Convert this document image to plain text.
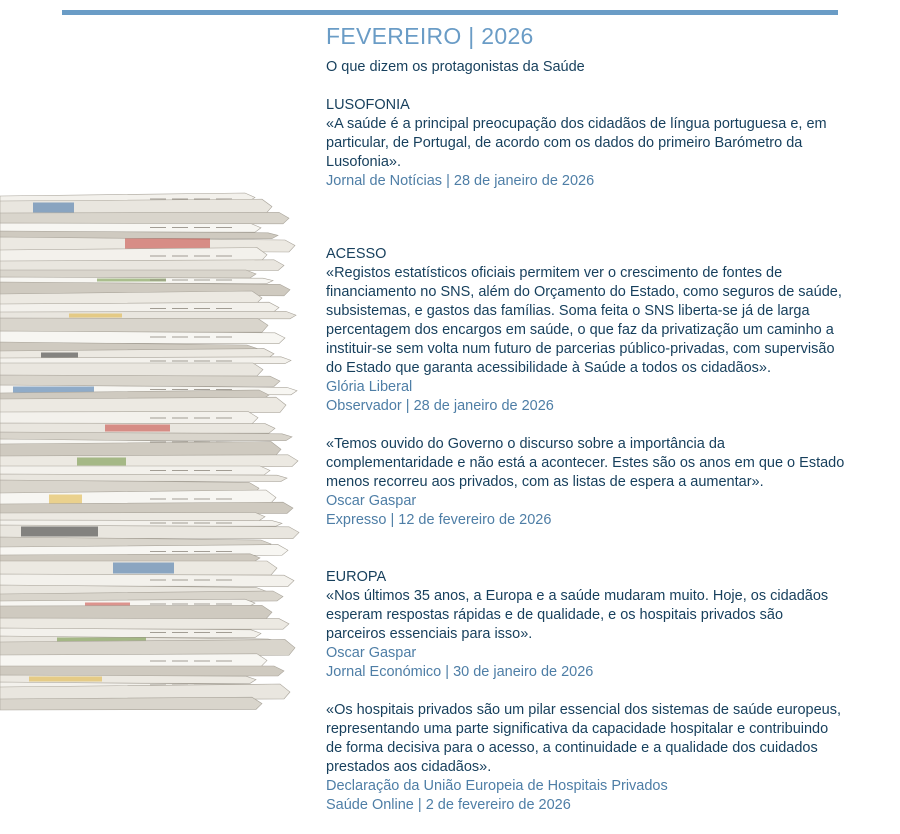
FEVEREIRO | 2026

O que dizem os protagonistas da Saúde

LUSOFONIA

«A saúde é a principal preocupação dos cidadãos de língua portuguesa e, em particular, de Portugal, de acordo com os dados do primeiro Barómetro da Lusofonia».

Jornal de Notícias | 28 de janeiro de 2026

ACESSO

«Registos estatísticos oficiais permitem ver o crescimento de fontes de financiamento no SNS, além do Orçamento do Estado, como seguros de saúde, subsistemas, e gastos das famílias. Soma feita o SNS liberta-se já de larga percentagem dos encargos em saúde, o que faz da privatização um caminho a instituir-se sem volta num futuro de parcerias público-privadas, com supervisão do Estado que garanta acessibilidade à Saúde a todos os cidadãos».

Glória Liberal

Observador | 28 de janeiro de 2026

«Temos ouvido do Governo o discurso sobre a importância da complementaridade e não está a acontecer. Estes são os anos em que o Estado menos recorreu aos privados, com as listas de espera a aumentar».

Oscar Gaspar

Expresso | 12 de fevereiro de 2026

EUROPA

«Nos últimos 35 anos, a Europa e a saúde mudaram muito. Hoje, os cidadãos esperam respostas rápidas e de qualidade, e os hospitais privados são parceiros essenciais para isso».

Oscar Gaspar

Jornal Económico | 30 de janeiro de 2026

«Os hospitais privados são um pilar essencial dos sistemas de saúde europeus, representando uma parte significativa da capacidade hospitalar e contribuindo de forma decisiva para o acesso, a continuidade e a qualidade dos cuidados prestados aos cidadãos».

Declaração da União Europeia de Hospitais Privados

Saúde Online | 2 de fevereiro de 2026
